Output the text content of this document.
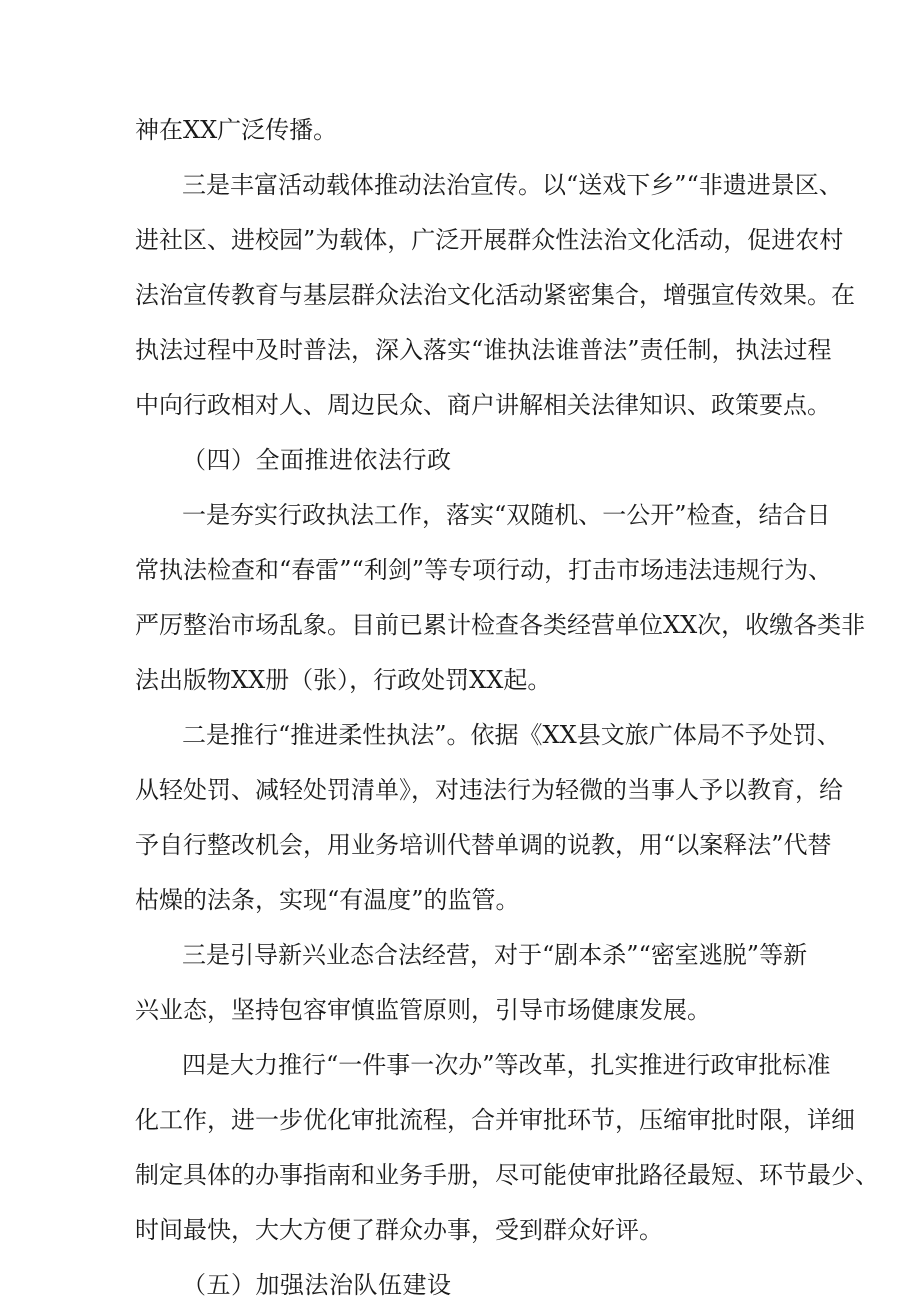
神在XX广泛传播。
三是丰富活动载体推动法治宣传。以“送戏下乡”“非遗进景区、
进社区、进校园”为载体，广泛开展群众性法治文化活动，促进农村
法治宣传教育与基层群众法治文化活动紧密集合，增强宣传效果。在
执法过程中及时普法，深入落实“谁执法谁普法”责任制，执法过程
中向行政相对人、周边民众、商户讲解相关法律知识、政策要点。
（四）全面推进依法行政
一是夯实行政执法工作，落实“双随机、一公开”检查，结合日
常执法检查和“春雷”“利剑”等专项行动，打击市场违法违规行为、
严厉整治市场乱象。目前已累计检查各类经营单位XX次，收缴各类非
法出版物XX册（张），行政处罚XX起。
二是推行“推进柔性执法”。依据《XX县文旅广体局不予处罚、
从轻处罚、减轻处罚清单》，对违法行为轻微的当事人予以教育，给
予自行整改机会，用业务培训代替单调的说教，用“以案释法”代替
枯燥的法条，实现“有温度”的监管。
三是引导新兴业态合法经营，对于“剧本杀”“密室逃脱”等新
兴业态，坚持包容审慎监管原则，引导市场健康发展。
四是大力推行“一件事一次办”等改革，扎实推进行政审批标准
化工作，进一步优化审批流程，合并审批环节，压缩审批时限，详细
制定具体的办事指南和业务手册，尽可能使审批路径最短、环节最少、
时间最快，大大方便了群众办事，受到群众好评。
（五）加强法治队伍建设
